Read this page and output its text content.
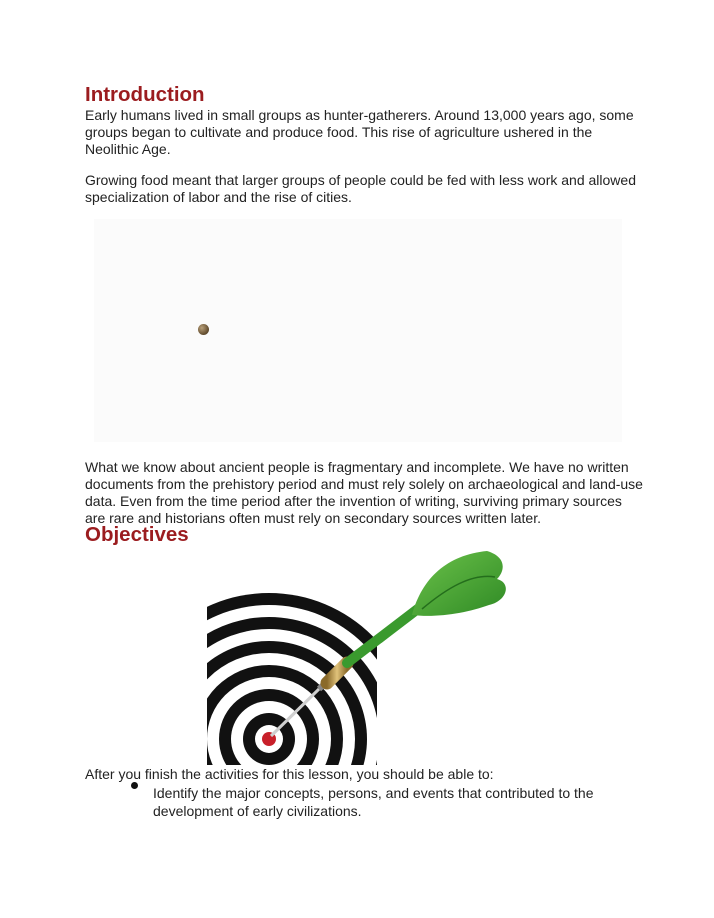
Introduction

Early humans lived in small groups as hunter-gatherers. Around 13,000 years ago, some groups began to cultivate and produce food. This rise of agriculture ushered in the Neolithic Age.

Growing food meant that larger groups of people could be fed with less work and allowed specialization of labor and the rise of cities.

What we know about ancient people is fragmentary and incomplete. We have no written documents from the prehistory period and must rely solely on archaeological and land-use data. Even from the time period after the invention of writing, surviving primary sources are rare and historians often must rely on secondary sources written later.

Objectives

After you finish the activities for this lesson, you should be able to:

Identify the major concepts, persons, and events that contributed to the development of early civilizations.
